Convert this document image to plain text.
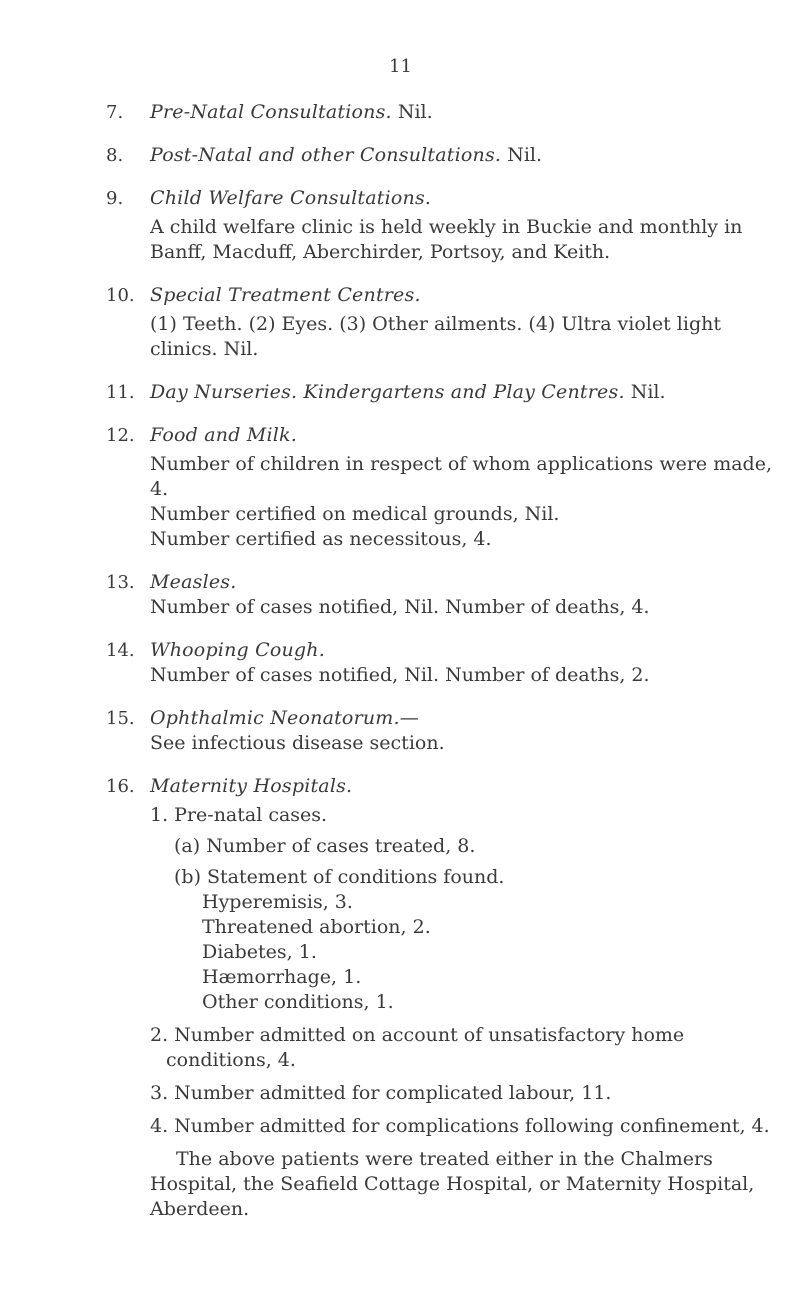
11
7.	Pre-Natal Consultations. Nil.
8.	Post-Natal and other Consultations. Nil.
9.	Child Welfare Consultations.

A child welfare clinic is held weekly in Buckie and monthly in Banff, Macduff, Aberchirder, Portsoy, and Keith.

10. Special Treatment Centres.

(1) Teeth. (2) Eyes. (3) Other ailments. (4) Ultra violet light clinics. Nil.

11. Day Nurseries. Kindergartens and Play Centres. Nil.
12. Food and Milk.

Number of children in respect of whom applications were made, 4.

Number certified on medical grounds, Nil.

Number certified as necessitous, 4.

13. Measles.

Number of cases notified, Nil. Number of deaths, 4.

14. Whooping Cough.

Number of cases notified, Nil. Number of deaths, 2.

15. Ophthalmic Neonatorum.—

See infectious disease section.

16. Maternity Hospitals.

1. Pre-natal cases.

(a) Number of cases treated, 8.

(b) Statement of conditions found.

Hyperemisis, 3.

Threatened abortion, 2.

Diabetes, 1.

Hæmorrhage, 1.

Other conditions, 1.

2. Number admitted on account of unsatisfactory home conditions, 4.

3. Number admitted for complicated labour, 11.

4. Number admitted for complications following confinement, 4.

The above patients were treated either in the Chalmers Hospital, the Seafield Cottage Hospital, or Maternity Hospital, Aberdeen.
